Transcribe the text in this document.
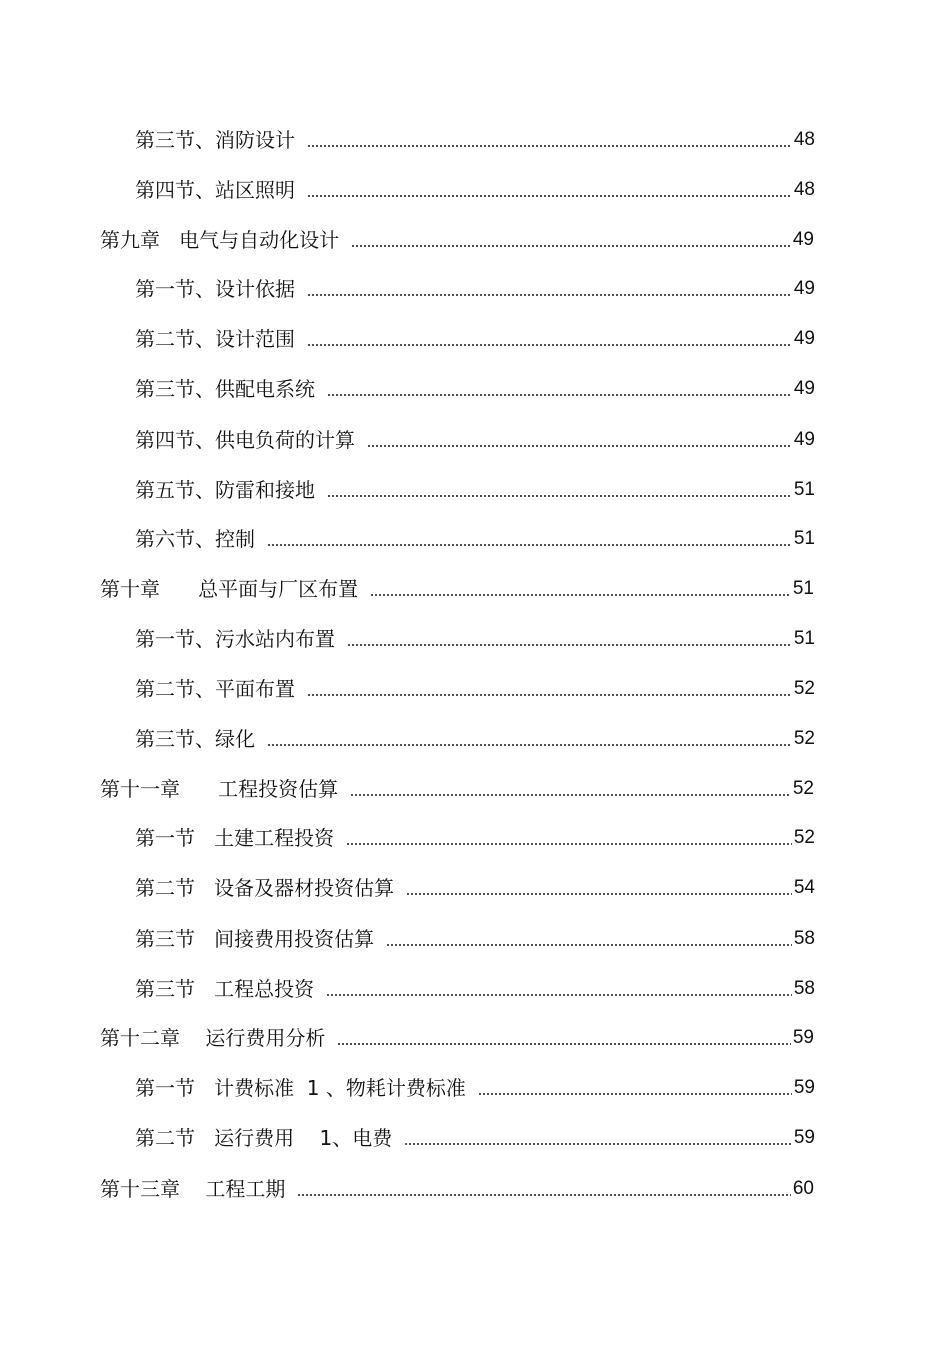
第三节、消防设计	48
第四节、站区照明	48
第九章   电气与自动化设计	49
第一节、设计依据	49
第二节、设计范围	49
第三节、供配电系统	49
第四节、供电负荷的计算	49
第五节、防雷和接地	51
第六节、控制	51
第十章      总平面与厂区布置	51
第一节、污水站内布置	51
第二节、平面布置	52
第三节、绿化	52
第十一章      工程投资估算	52
第一节   土建工程投资	52
第二节   设备及器材投资估算	54
第三节   间接费用投资估算	58
第三节   工程总投资	58
第十二章    运行费用分析	59
第一节   计费标准  1 、物耗计费标准	59
第二节   运行费用    1、电费	59
第十三章    工程工期	60
